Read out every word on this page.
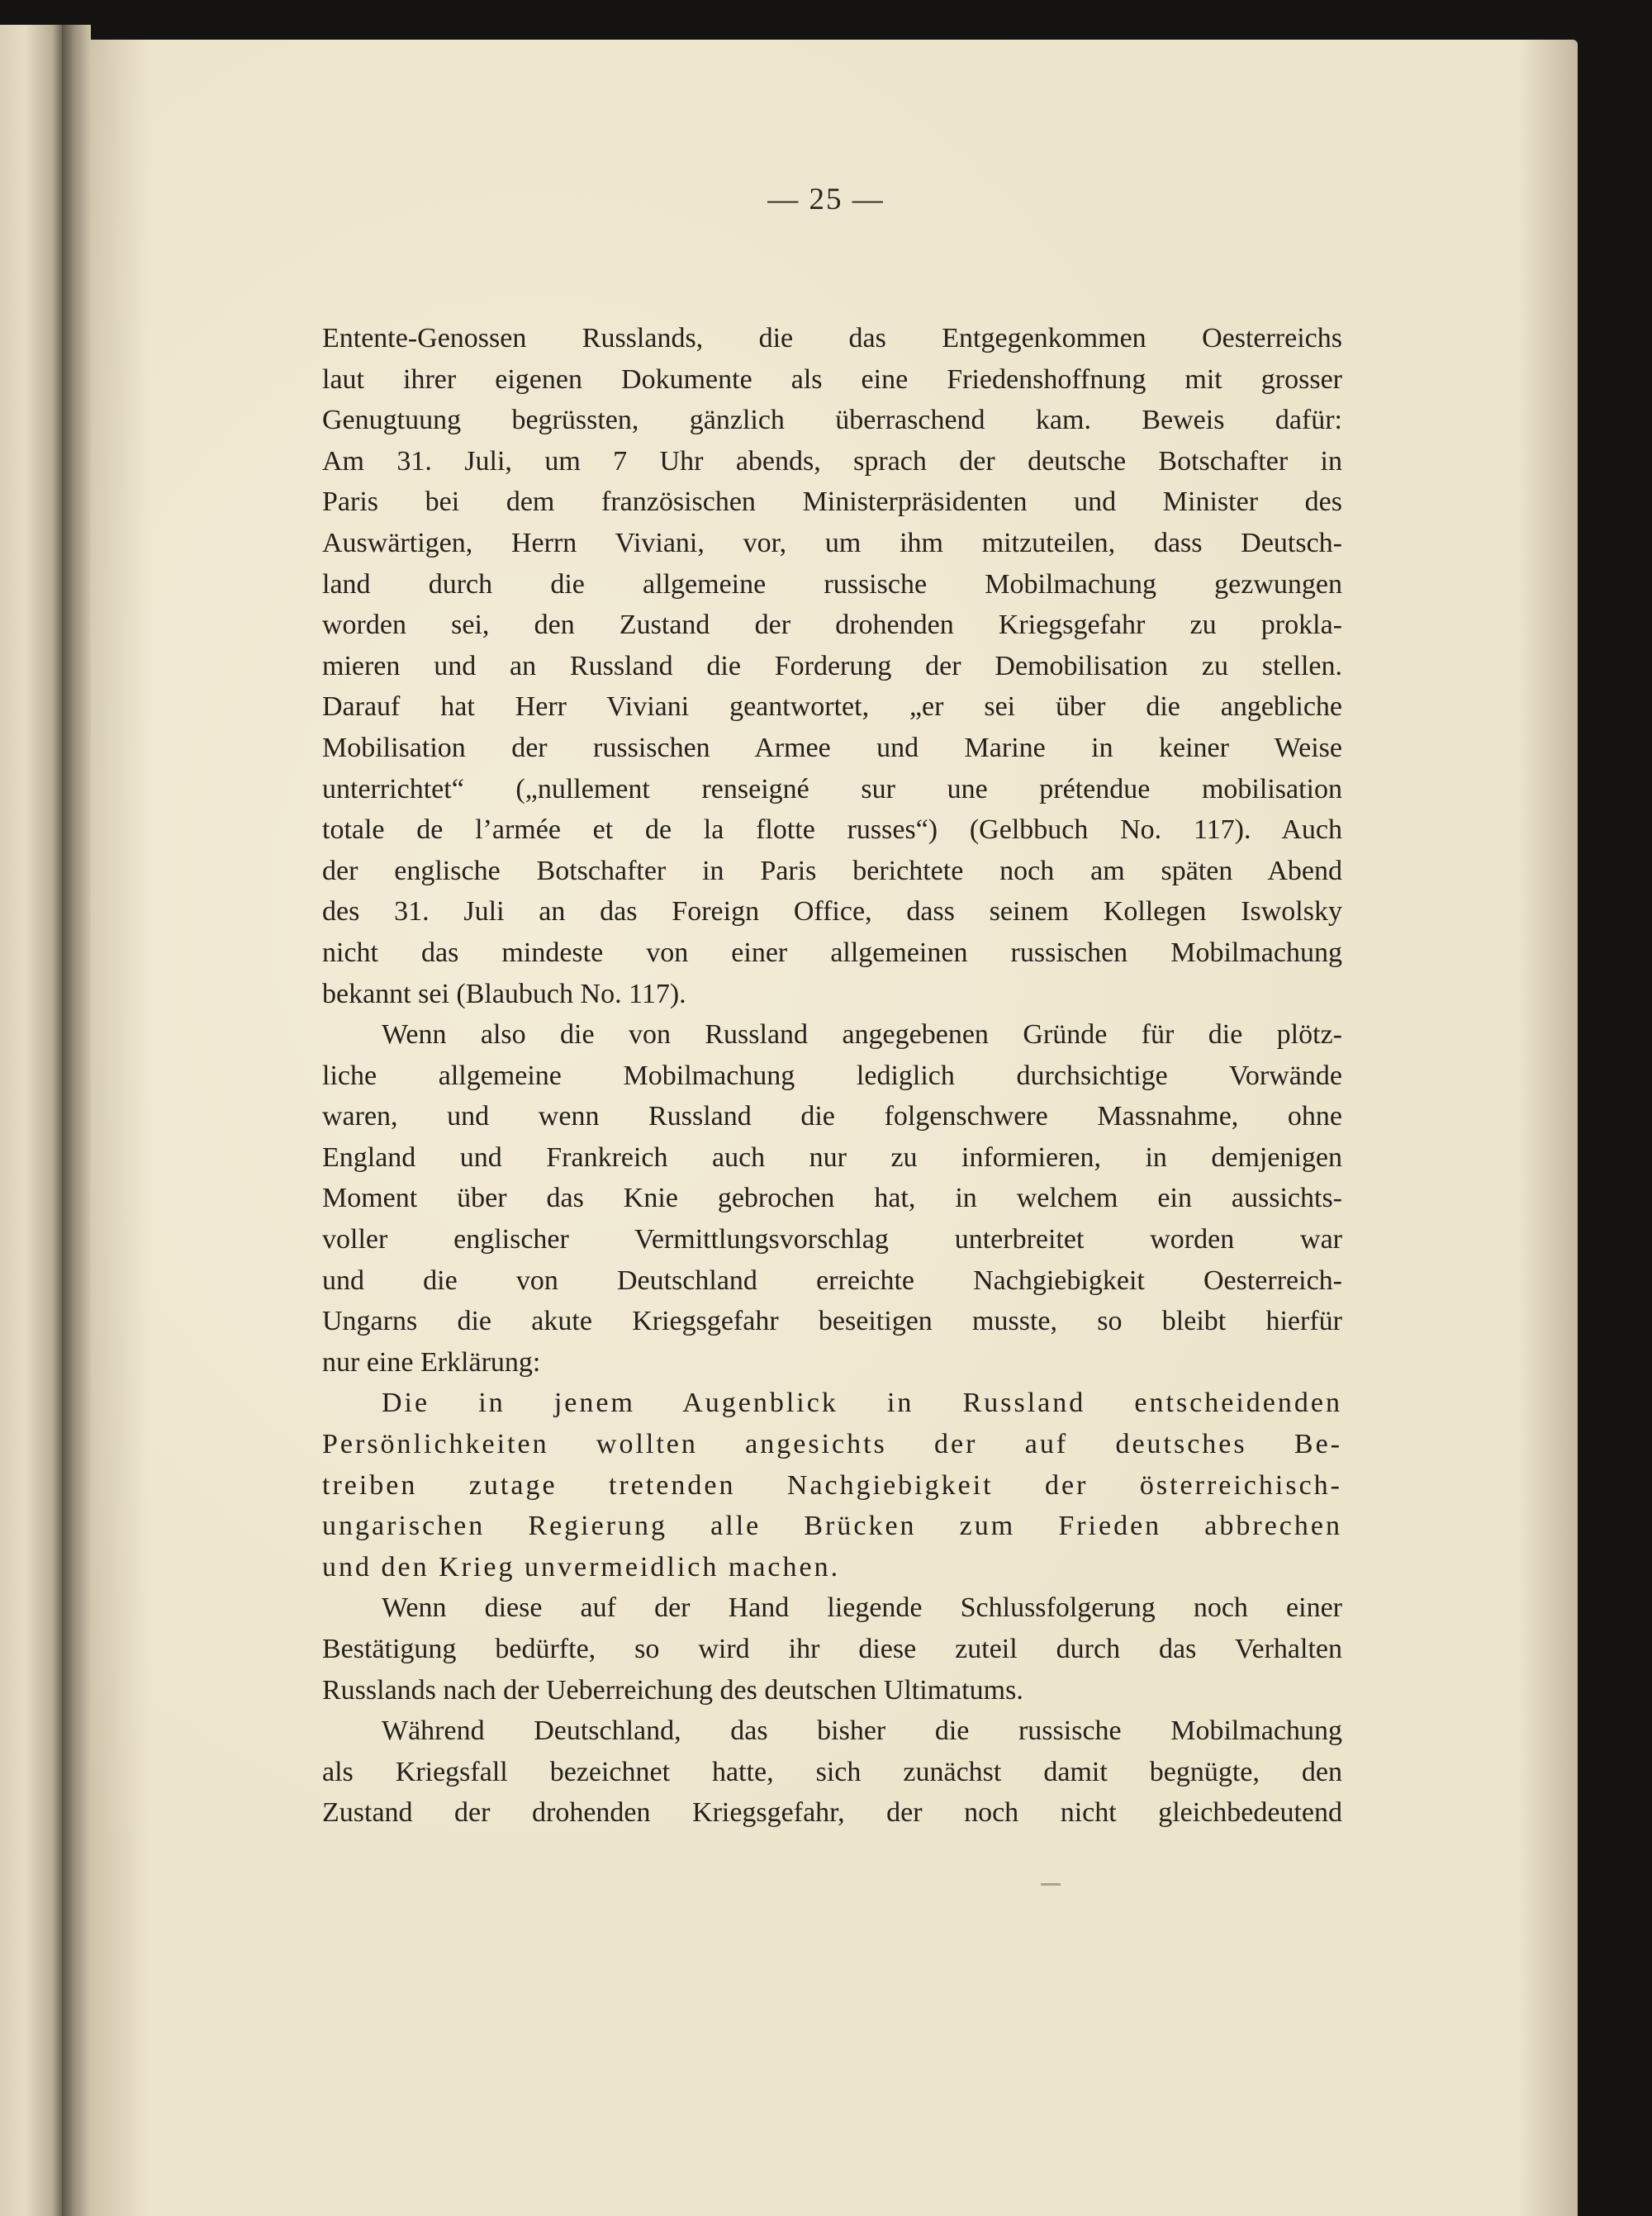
— 25 —
Entente-Genossen Russlands, die das Entgegenkommen Oesterreichs
laut ihrer eigenen Dokumente als eine Friedenshoffnung mit grosser
Genugtuung begrüssten, gänzlich überraschend kam. Beweis dafür:
Am 31. Juli, um 7 Uhr abends, sprach der deutsche Botschafter in
Paris bei dem französischen Ministerpräsidenten und Minister des
Auswärtigen, Herrn Viviani, vor, um ihm mitzuteilen, dass Deutsch-
land durch die allgemeine russische Mobilmachung gezwungen
worden sei, den Zustand der drohenden Kriegsgefahr zu prokla-
mieren und an Russland die Forderung der Demobilisation zu stellen.
Darauf hat Herr Viviani geantwortet, „er sei über die angebliche
Mobilisation der russischen Armee und Marine in keiner Weise
unterrichtet“ („nullement renseigné sur une prétendue mobilisation
totale de l’armée et de la flotte russes“) (Gelbbuch No. 117). Auch
der englische Botschafter in Paris berichtete noch am späten Abend
des 31. Juli an das Foreign Office, dass seinem Kollegen Iswolsky
nicht das mindeste von einer allgemeinen russischen Mobilmachung
bekannt sei (Blaubuch No. 117).
Wenn also die von Russland angegebenen Gründe für die plötz-
liche allgemeine Mobilmachung lediglich durchsichtige Vorwände
waren, und wenn Russland die folgenschwere Massnahme, ohne
England und Frankreich auch nur zu informieren, in demjenigen
Moment über das Knie gebrochen hat, in welchem ein aussichts-
voller englischer Vermittlungsvorschlag unterbreitet worden war
und die von Deutschland erreichte Nachgiebigkeit Oesterreich-
Ungarns die akute Kriegsgefahr beseitigen musste, so bleibt hierfür
nur eine Erklärung:
Die in jenem Augenblick in Russland entscheidenden
Persönlichkeiten wollten angesichts der auf deutsches Be-
treiben zutage tretenden Nachgiebigkeit der österreichisch-
ungarischen Regierung alle Brücken zum Frieden abbrechen
und den Krieg unvermeidlich machen.
Wenn diese auf der Hand liegende Schlussfolgerung noch einer
Bestätigung bedürfte, so wird ihr diese zuteil durch das Verhalten
Russlands nach der Ueberreichung des deutschen Ultimatums.
Während Deutschland, das bisher die russische Mobilmachung
als Kriegsfall bezeichnet hatte, sich zunächst damit begnügte, den
Zustand der drohenden Kriegsgefahr, der noch nicht gleichbedeutend
